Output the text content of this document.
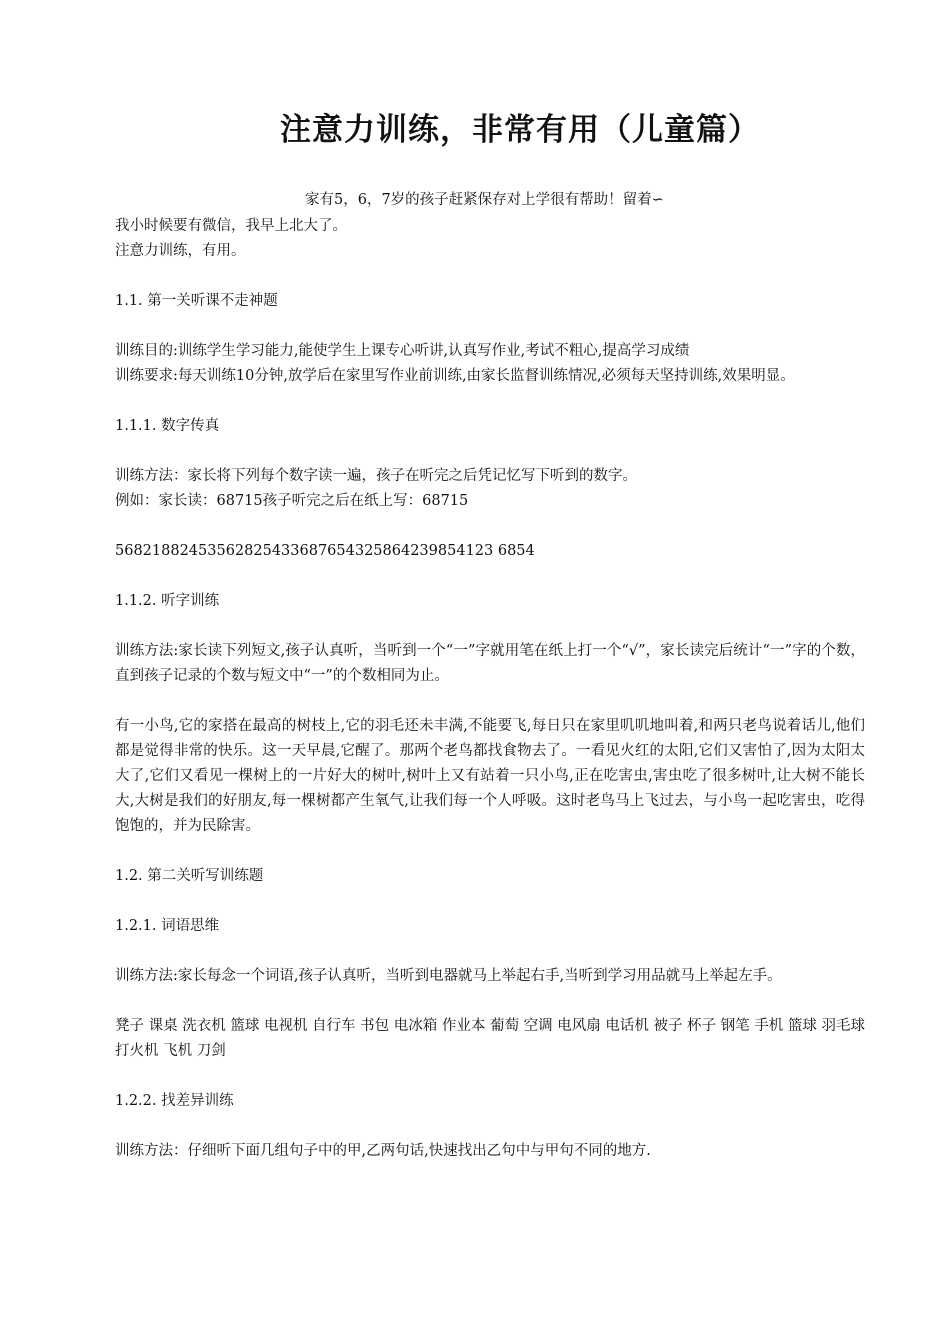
注意力训练，非常有用（儿童篇）
家有5，6，7岁的孩子赶紧保存对上学很有帮助！留着∽

我小时候要有微信，我早上北大了。

注意力训练，有用。

1.1. 第一关听课不走神题

训练目的:训练学生学习能力,能使学生上课专心听讲,认真写作业,考试不粗心,提高学习成绩

训练要求:每天训练10分钟,放学后在家里写作业前训练,由家长监督训练情况,必须每天坚持训练,效果明显。

1.1.1. 数字传真

训练方法：家长将下列每个数字读一遍，孩子在听完之后凭记忆写下听到的数字。

例如：家长读：68715孩子听完之后在纸上写：68715

56821882453562825433687654325864239854123 6854

1.1.2. 听字训练

训练方法:家长读下列短文,孩子认真听，当听到一个“一”字就用笔在纸上打一个“√”，家长读完后统计“一”字的个数，直到孩子记录的个数与短文中“一”的个数相同为止。

有一小鸟,它的家搭在最高的树枝上,它的羽毛还未丰满,不能要飞,每日只在家里叽叽地叫着,和两只老鸟说着话儿,他们都是觉得非常的快乐。这一天早晨,它醒了。那两个老鸟都找食物去了。一看见火红的太阳,它们又害怕了,因为太阳太大了,它们又看见一棵树上的一片好大的树叶,树叶上又有站着一只小鸟,正在吃害虫,害虫吃了很多树叶,让大树不能长大,大树是我们的好朋友,每一棵树都产生氧气,让我们每一个人呼吸。这时老鸟马上飞过去，与小鸟一起吃害虫，吃得饱饱的，并为民除害。

1.2. 第二关听写训练题

1.2.1. 词语思维

训练方法:家长每念一个词语,孩子认真听，当听到电器就马上举起右手,当听到学习用品就马上举起左手。

凳子 课桌 洗衣机 篮球 电视机 自行车 书包 电冰箱 作业本 葡萄 空调 电风扇 电话机 被子 杯子 钢笔 手机 篮球 羽毛球 打火机 飞机 刀剑

1.2.2. 找差异训练

训练方法：仔细听下面几组句子中的甲,乙两句话,快速找出乙句中与甲句不同的地方.
